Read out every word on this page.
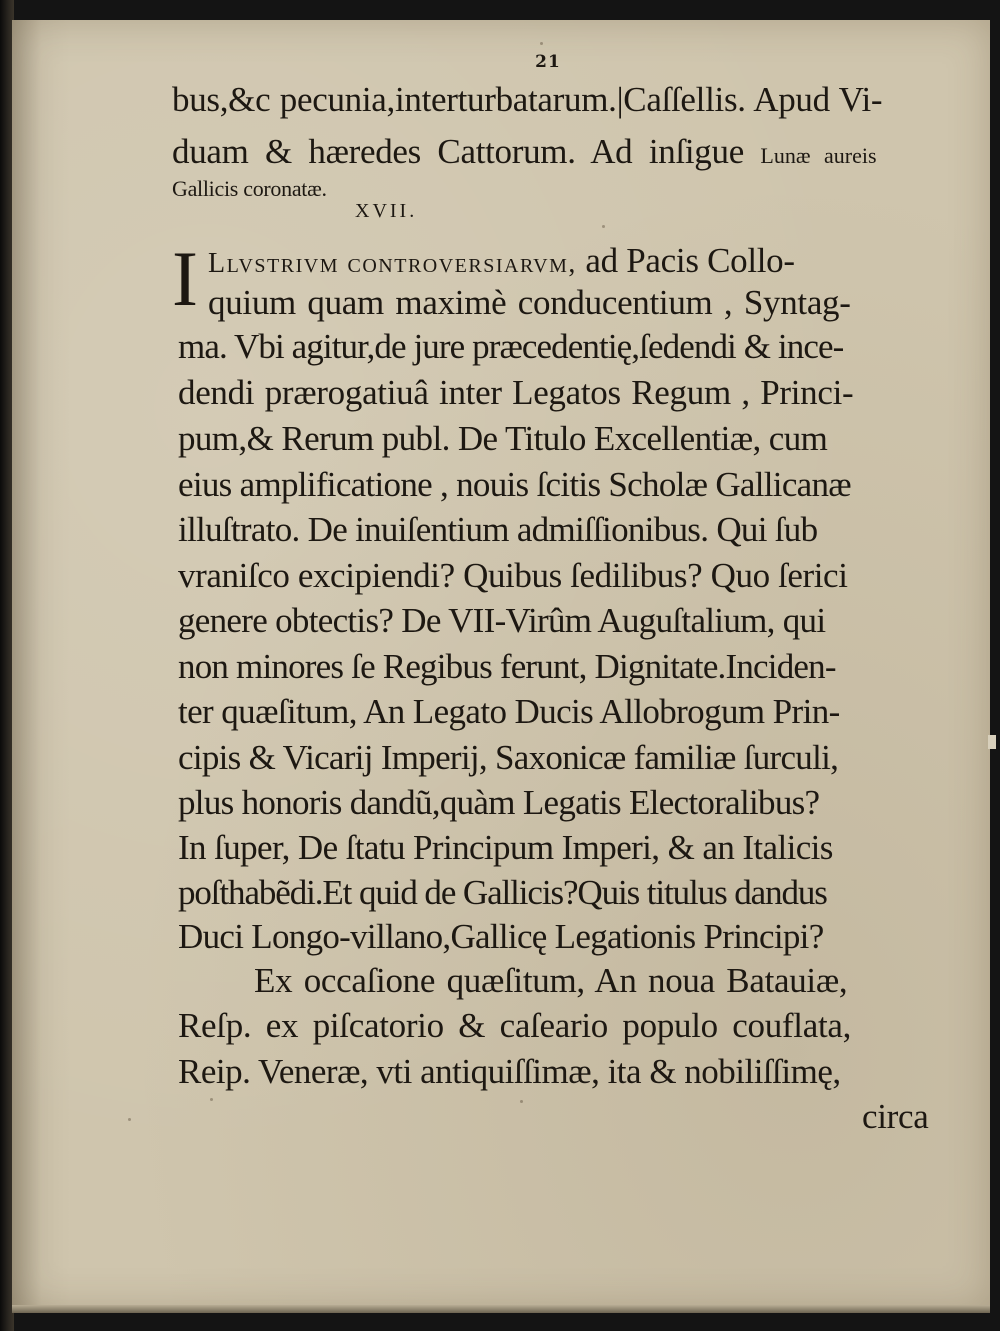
21
bus,&c pecunia,interturbatarum.|Caſſellis. Apud Vi-
duam & hæredes Cattorum. Ad inſigue Lunæ aureis
Gallicis coronatæ.
XVII.
I Llvstrivm controversiarvm, ad Pacis Collo-
quium quam maximè conducentium , Syntag-
ma. Vbi agitur,de jure præcedentię,ſedendi & ince-
dendi prærogatiuâ inter Legatos Regum , Princi-
pum,& Rerum publ. De Titulo Excellentiæ, cum
eius amplificatione , nouis ſcitis Scholæ Gallicanæ
illuſtrato. De inuiſentium admiſſionibus. Qui ſub
vraniſco excipiendi? Quibus ſedilibus? Quo ſerici
genere obtectis? De VII-Virûm Auguſtalium, qui
non minores ſe Regibus ferunt, Dignitate.Inciden-
ter quæſitum, An Legato Ducis Allobrogum Prin-
cipis & Vicarij Imperij, Saxonicæ familiæ ſurculi,
plus honoris dandũ,quàm Legatis Electoralibus?
In ſuper, De ſtatu Principum Imperi, & an Italicis
poſthabẽdi.Et quid de Gallicis?Quis titulus dandus
Duci Longo-villano,Gallicę Legationis Principi?
Ex occaſione quæſitum, An noua Batauiæ,
Reſp. ex piſcatorio & caſeario populo couflata,
Reip. Veneræ, vti antiquiſſimæ, ita & nobiliſſimę,
circa
